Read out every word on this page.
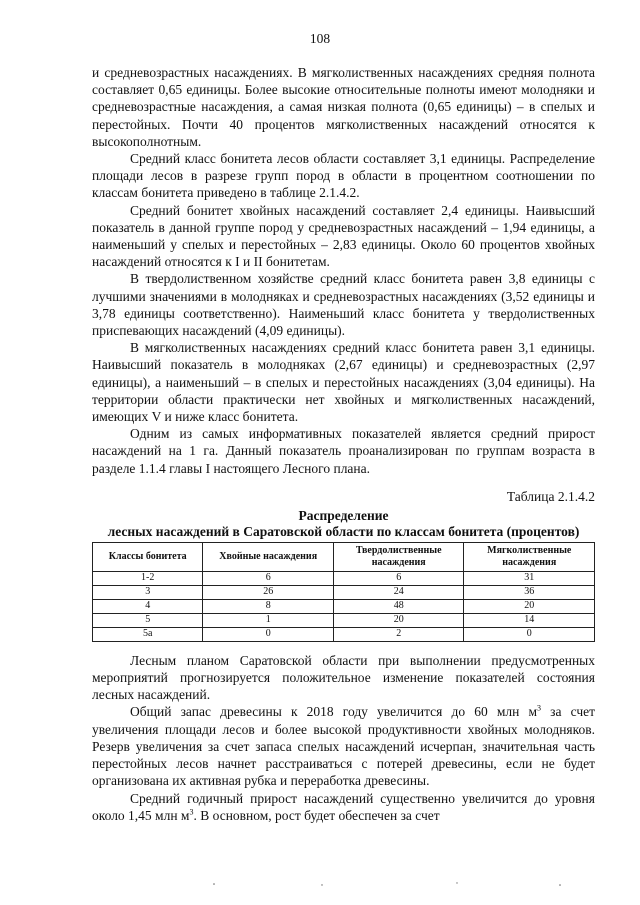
108

и средневозрастных насаждениях. В мягколиственных насаждениях средняя полнота составляет 0,65 единицы. Более высокие относительные полноты имеют молодняки и средневозрастные насаждения, а самая низкая полнота (0,65 единицы) – в спелых и перестойных. Почти 40 процентов мягколиственных насаждений относятся к высокополнотным.

Средний класс бонитета лесов области составляет 3,1 единицы. Распределение площади лесов в разрезе групп пород в области в процентном соотношении по классам бонитета приведено в таблице 2.1.4.2.

Средний бонитет хвойных насаждений составляет 2,4 единицы. Наивысший показатель в данной группе пород у средневозрастных насаждений – 1,94 единицы, а наименьший у спелых и перестойных – 2,83 единицы. Около 60 процентов хвойных насаждений относятся к I и II бонитетам.

В твердолиственном хозяйстве средний класс бонитета равен 3,8 единицы с лучшими значениями в молодняках и средневозрастных насаждениях (3,52 единицы и 3,78 единицы соответственно). Наименьший класс бонитета у твердолиственных приспевающих насаждений (4,09 единицы).

В мягколиственных насаждениях средний класс бонитета равен 3,1 единицы. Наивысший показатель в молодняках (2,67 единицы) и средневозрастных (2,97 единицы), а наименьший – в спелых и перестойных насаждениях (3,04 единицы). На территории области практически нет хвойных и мягколиственных насаждений, имеющих V и ниже класс бонитета.

Одним из самых информативных показателей является средний прирост насаждений на 1 га. Данный показатель проанализирован по группам возраста в разделе 1.1.4 главы I настоящего Лесного плана.

Таблица 2.1.4.2
Распределение
лесных насаждений в Саратовской области по классам бонитета (процентов)
Классы бонитета	Хвойные насаждения	Твердолиственные насаждения	Мягколиственные насаждения
1-2	6	6	31
3	26	24	36
4	8	48	20
5	1	20	14
5а	0	2	0

Лесным планом Саратовской области при выполнении предусмотренных мероприятий прогнозируется положительное изменение показателей состояния лесных насаждений.

Общий запас древесины к 2018 году увеличится до 60 млн $м^3$ за счет увеличения площади лесов и более высокой продуктивности хвойных молодняков. Резерв увеличения за счет запаса спелых насаждений исчерпан, значительная часть перестойных лесов начнет расстраиваться с потерей древесины, если не будет организована их активная рубка и переработка древесины.

Средний годичный прирост насаждений существенно увеличится до уровня около 1,45 млн $м^3$. В основном, рост будет обеспечен за счет
